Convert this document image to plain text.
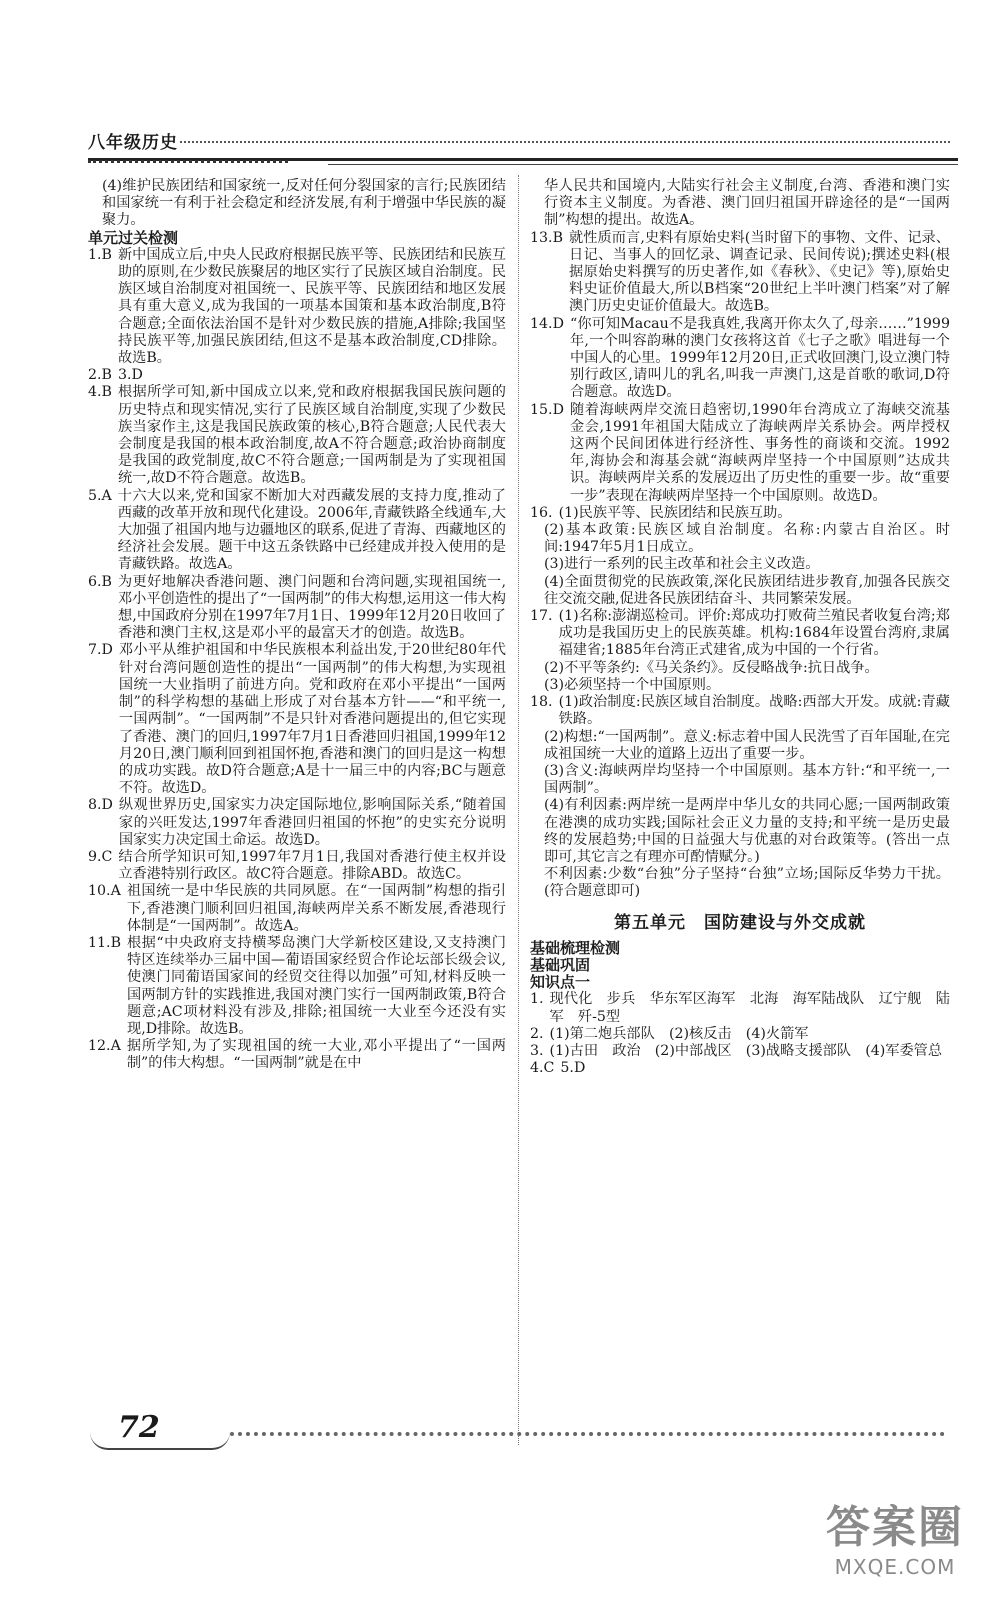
八年级历史
(4)维护民族团结和国家统一,反对任何分裂国家的言行;民族团结和国家统一有利于社会稳定和经济发展,有利于增强中华民族的凝聚力。
单元过关检测
1.B 新中国成立后,中央人民政府根据民族平等、民族团结和民族互助的原则,在少数民族聚居的地区实行了民族区域自治制度。民族区域自治制度对祖国统一、民族平等、民族团结和地区发展具有重大意义,成为我国的一项基本国策和基本政治制度,B符合题意;全面依法治国不是针对少数民族的措施,A排除;我国坚持民族平等,加强民族团结,但这不是基本政治制度,CD排除。故选B。
2.B 3.D
4.B 根据所学可知,新中国成立以来,党和政府根据我国民族问题的历史特点和现实情况,实行了民族区域自治制度,实现了少数民族当家作主,这是我国民族政策的核心,B符合题意;人民代表大会制度是我国的根本政治制度,故A不符合题意;政治协商制度是我国的政党制度,故C不符合题意;一国两制是为了实现祖国统一,故D不符合题意。故选B。
5.A 十六大以来,党和国家不断加大对西藏发展的支持力度,推动了西藏的改革开放和现代化建设。2006年,青藏铁路全线通车,大大加强了祖国内地与边疆地区的联系,促进了青海、西藏地区的经济社会发展。题干中这五条铁路中已经建成并投入使用的是青藏铁路。故选A。
6.B 为更好地解决香港问题、澳门问题和台湾问题,实现祖国统一,邓小平创造性的提出了“一国两制”的伟大构想,运用这一伟大构想,中国政府分别在1997年7月1日、1999年12月20日收回了香港和澳门主权,这是邓小平的最富天才的创造。故选B。
7.D 邓小平从维护祖国和中华民族根本利益出发,于20世纪80年代针对台湾问题创造性的提出“一国两制”的伟大构想,为实现祖国统一大业指明了前进方向。党和政府在邓小平提出“一国两制”的科学构想的基础上形成了对台基本方针——“和平统一,一国两制”。“一国两制”不是只针对香港问题提出的,但它实现了香港、澳门的回归,1997年7月1日香港回归祖国,1999年12月20日,澳门顺利回到祖国怀抱,香港和澳门的回归是这一构想的成功实践。故D符合题意;A是十一届三中的内容;BC与题意不符。故选D。
8.D 纵观世界历史,国家实力决定国际地位,影响国际关系,“随着国家的兴旺发达,1997年香港回归祖国的怀抱”的史实充分说明国家实力决定国土命运。故选D。
9.C 结合所学知识可知,1997年7月1日,我国对香港行使主权并设立香港特别行政区。故C符合题意。排除ABD。故选C。
10.A 祖国统一是中华民族的共同夙愿。在“一国两制”构想的指引下,香港澳门顺利回归祖国,海峡两岸关系不断发展,香港现行体制是“一国两制”。故选A。
11.B 根据“中央政府支持横琴岛澳门大学新校区建设,又支持澳门特区连续举办三届中国—葡语国家经贸合作论坛部长级会议,使澳门同葡语国家间的经贸交往得以加强”可知,材料反映一国两制方针的实践推进,我国对澳门实行一国两制政策,B符合题意;AC项材料没有涉及,排除;祖国统一大业至今还没有实现,D排除。故选B。
12.A 据所学知,为了实现祖国的统一大业,邓小平提出了“一国两制”的伟大构想。“一国两制”就是在中
华人民共和国境内,大陆实行社会主义制度,台湾、香港和澳门实行资本主义制度。为香港、澳门回归祖国开辟途径的是“一国两制”构想的提出。故选A。
13.B 就性质而言,史料有原始史料(当时留下的事物、文件、记录、日记、当事人的回忆录、调查记录、民间传说);撰述史料(根据原始史料撰写的历史著作,如《春秋》、《史记》等),原始史料史证价值最大,所以B档案“20世纪上半叶澳门档案”对了解澳门历史史证价值最大。故选B。
14.D “你可知Macau不是我真姓,我离开你太久了,母亲……”1999年,一个叫容韵琳的澳门女孩将这首《七子之歌》唱进每一个中国人的心里。1999年12月20日,正式收回澳门,设立澳门特别行政区,请叫儿的乳名,叫我一声澳门,这是首歌的歌词,D符合题意。故选D。
15.D 随着海峡两岸交流日趋密切,1990年台湾成立了海峡交流基金会,1991年祖国大陆成立了海峡两岸关系协会。两岸授权这两个民间团体进行经济性、事务性的商谈和交流。1992年,海协会和海基会就“海峡两岸坚持一个中国原则”达成共识。海峡两岸关系的发展迈出了历史性的重要一步。故“重要一步”表现在海峡两岸坚持一个中国原则。故选D。
16. (1)民族平等、民族团结和民族互助。
(2)基本政策:民族区域自治制度。名称:内蒙古自治区。时间:1947年5月1日成立。
(3)进行一系列的民主改革和社会主义改造。
(4)全面贯彻党的民族政策,深化民族团结进步教育,加强各民族交往交流交融,促进各民族团结奋斗、共同繁荣发展。
17. (1)名称:澎湖巡检司。评价:郑成功打败荷兰殖民者收复台湾;郑成功是我国历史上的民族英雄。机构:1684年设置台湾府,隶属福建省;1885年台湾正式建省,成为中国的一个行省。
(2)不平等条约:《马关条约》。反侵略战争:抗日战争。
(3)必须坚持一个中国原则。
18. (1)政治制度:民族区域自治制度。战略:西部大开发。成就:青藏铁路。
(2)构想:“一国两制”。意义:标志着中国人民洗雪了百年国耻,在完成祖国统一大业的道路上迈出了重要一步。
(3)含义:海峡两岸均坚持一个中国原则。基本方针:“和平统一,一国两制”。
(4)有利因素:两岸统一是两岸中华儿女的共同心愿;一国两制政策在港澳的成功实践;国际社会正义力量的支持;和平统一是历史最终的发展趋势;中国的日益强大与优惠的对台政策等。(答出一点即可,其它言之有理亦可酌情赋分。)
不利因素:少数“台独”分子坚持“台独”立场;国际反华势力干扰。(符合题意即可)
第五单元　国防建设与外交成就
基础梳理检测
基础巩固
知识点一
1. 现代化　步兵　华东军区海军　北海　海军陆战队　辽宁舰　陆军　歼-5型
2. (1)第二炮兵部队　(2)核反击　(4)火箭军
3. (1)古田　政治　(2)中部战区　(3)战略支援部队　(4)军委管总
4.C 5.D
72
答案圈
MXQE.COM
